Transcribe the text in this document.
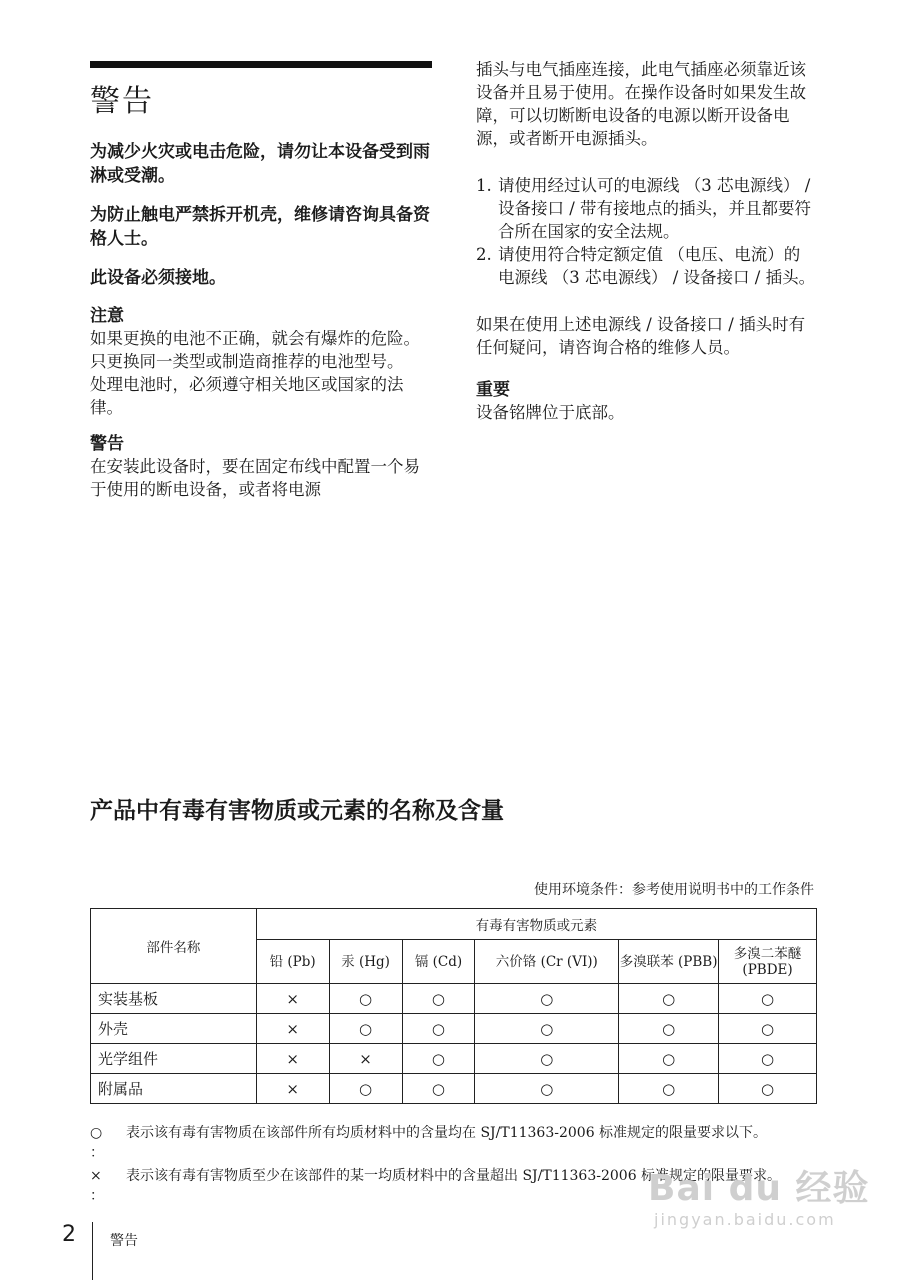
警告

为减少火灾或电击危险，请勿让本设备受到雨淋或受潮。

为防止触电严禁拆开机壳，维修请咨询具备资格人士。

此设备必须接地。

注意

如果更换的电池不正确，就会有爆炸的危险。

只更换同一类型或制造商推荐的电池型号。

处理电池时，必须遵守相关地区或国家的法律。

警告

在安装此设备时，要在固定布线中配置一个易于使用的断电设备，或者将电源

插头与电气插座连接，此电气插座必须靠近该设备并且易于使用。在操作设备时如果发生故障，可以切断断电设备的电源以断开设备电源，或者断开电源插头。

1. 请使用经过认可的电源线 （3 芯电源线） / 设备接口 / 带有接地点的插头，并且都要符合所在国家的安全法规。
2. 请使用符合特定额定值 （电压、电流）的电源线 （3 芯电源线） / 设备接口 / 插头。

如果在使用上述电源线 / 设备接口 / 插头时有任何疑问，请咨询合格的维修人员。

重要

设备铭牌位于底部。

产品中有毒有害物质或元素的名称及含量
使用环境条件：参考使用说明书中的工作条件
部件名称	有毒有害物质或元素					
	铅 (Pb)	汞 (Hg)	镉 (Cd)	六价铬 (Cr (VI))	多溴联苯 (PBB)	多溴二苯醚 (PBDE)
实装基板	×	○	○	○	○	○
外壳	×	○	○	○	○	○
光学组件	×	×	○	○	○	○
附属品	×	○	○	○	○	○
○ ：
表示该有毒有害物质在该部件所有均质材料中的含量均在 SJ/T11363-2006 标准规定的限量要求以下。
× ：
表示该有毒有害物质至少在该部件的某一均质材料中的含量超出 SJ/T11363-2006 标准规定的限量要求。
2 警告
Bai du 经验
jingyan.baidu.com
